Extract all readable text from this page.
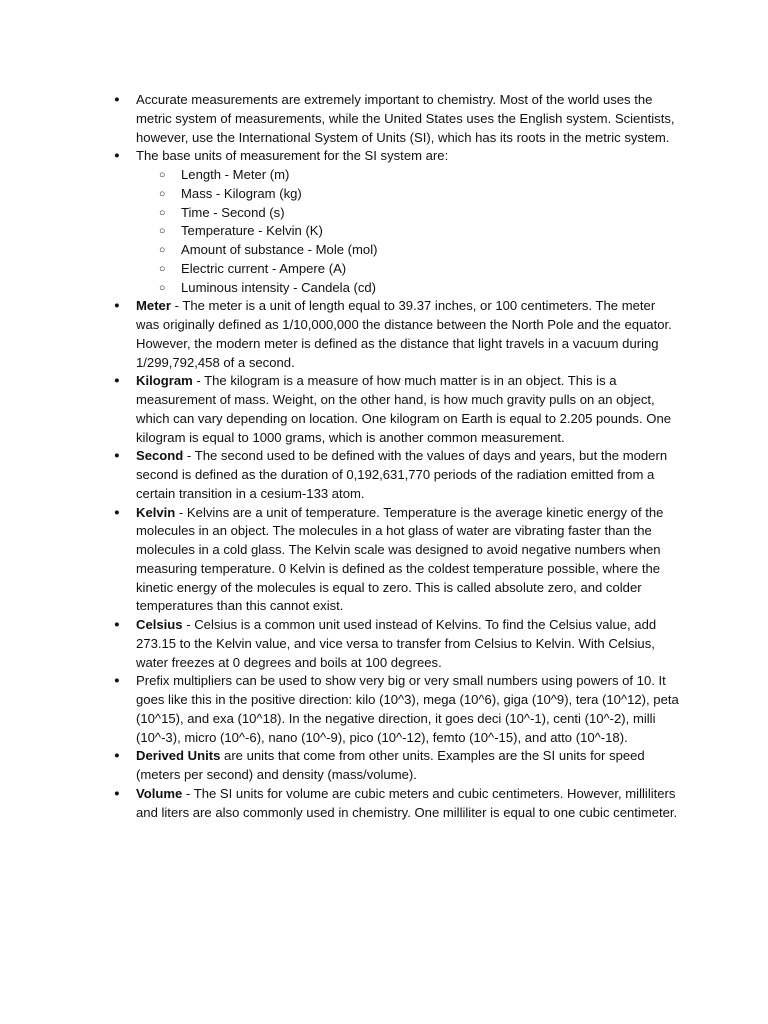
● Accurate measurements are extremely important to chemistry. Most of the world uses the metric system of measurements, while the United States uses the English system. Scientists, however, use the International System of Units (SI), which has its roots in the metric system.
● The base units of measurement for the SI system are:
○ Length - Meter (m)
○ Mass - Kilogram (kg)
○ Time - Second (s)
○ Temperature - Kelvin (K)
○ Amount of substance - Mole (mol)
○ Electric current - Ampere (A)
○ Luminous intensity - Candela (cd)
● Meter - The meter is a unit of length equal to 39.37 inches, or 100 centimeters. The meter was originally defined as 1/10,000,000 the distance between the North Pole and the equator. However, the modern meter is defined as the distance that light travels in a vacuum during 1/299,792,458 of a second.
● Kilogram - The kilogram is a measure of how much matter is in an object. This is a measurement of mass. Weight, on the other hand, is how much gravity pulls on an object, which can vary depending on location. One kilogram on Earth is equal to 2.205 pounds. One kilogram is equal to 1000 grams, which is another common measurement.
● Second - The second used to be defined with the values of days and years, but the modern second is defined as the duration of 0,192,631,770 periods of the radiation emitted from a certain transition in a cesium-133 atom.
● Kelvin - Kelvins are a unit of temperature. Temperature is the average kinetic energy of the molecules in an object. The molecules in a hot glass of water are vibrating faster than the molecules in a cold glass. The Kelvin scale was designed to avoid negative numbers when measuring temperature. 0 Kelvin is defined as the coldest temperature possible, where the kinetic energy of the molecules is equal to zero. This is called absolute zero, and colder temperatures than this cannot exist.
● Celsius - Celsius is a common unit used instead of Kelvins. To find the Celsius value, add 273.15 to the Kelvin value, and vice versa to transfer from Celsius to Kelvin. With Celsius, water freezes at 0 degrees and boils at 100 degrees.
● Prefix multipliers can be used to show very big or very small numbers using powers of 10. It goes like this in the positive direction: kilo (10^3), mega (10^6), giga (10^9), tera (10^12), peta (10^15), and exa (10^18). In the negative direction, it goes deci (10^-1), centi (10^-2), milli (10^-3), micro (10^-6), nano (10^-9), pico (10^-12), femto (10^-15), and atto (10^-18).
● Derived Units are units that come from other units. Examples are the SI units for speed (meters per second) and density (mass/volume).
● Volume - The SI units for volume are cubic meters and cubic centimeters. However, milliliters and liters are also commonly used in chemistry. One milliliter is equal to one cubic centimeter.
